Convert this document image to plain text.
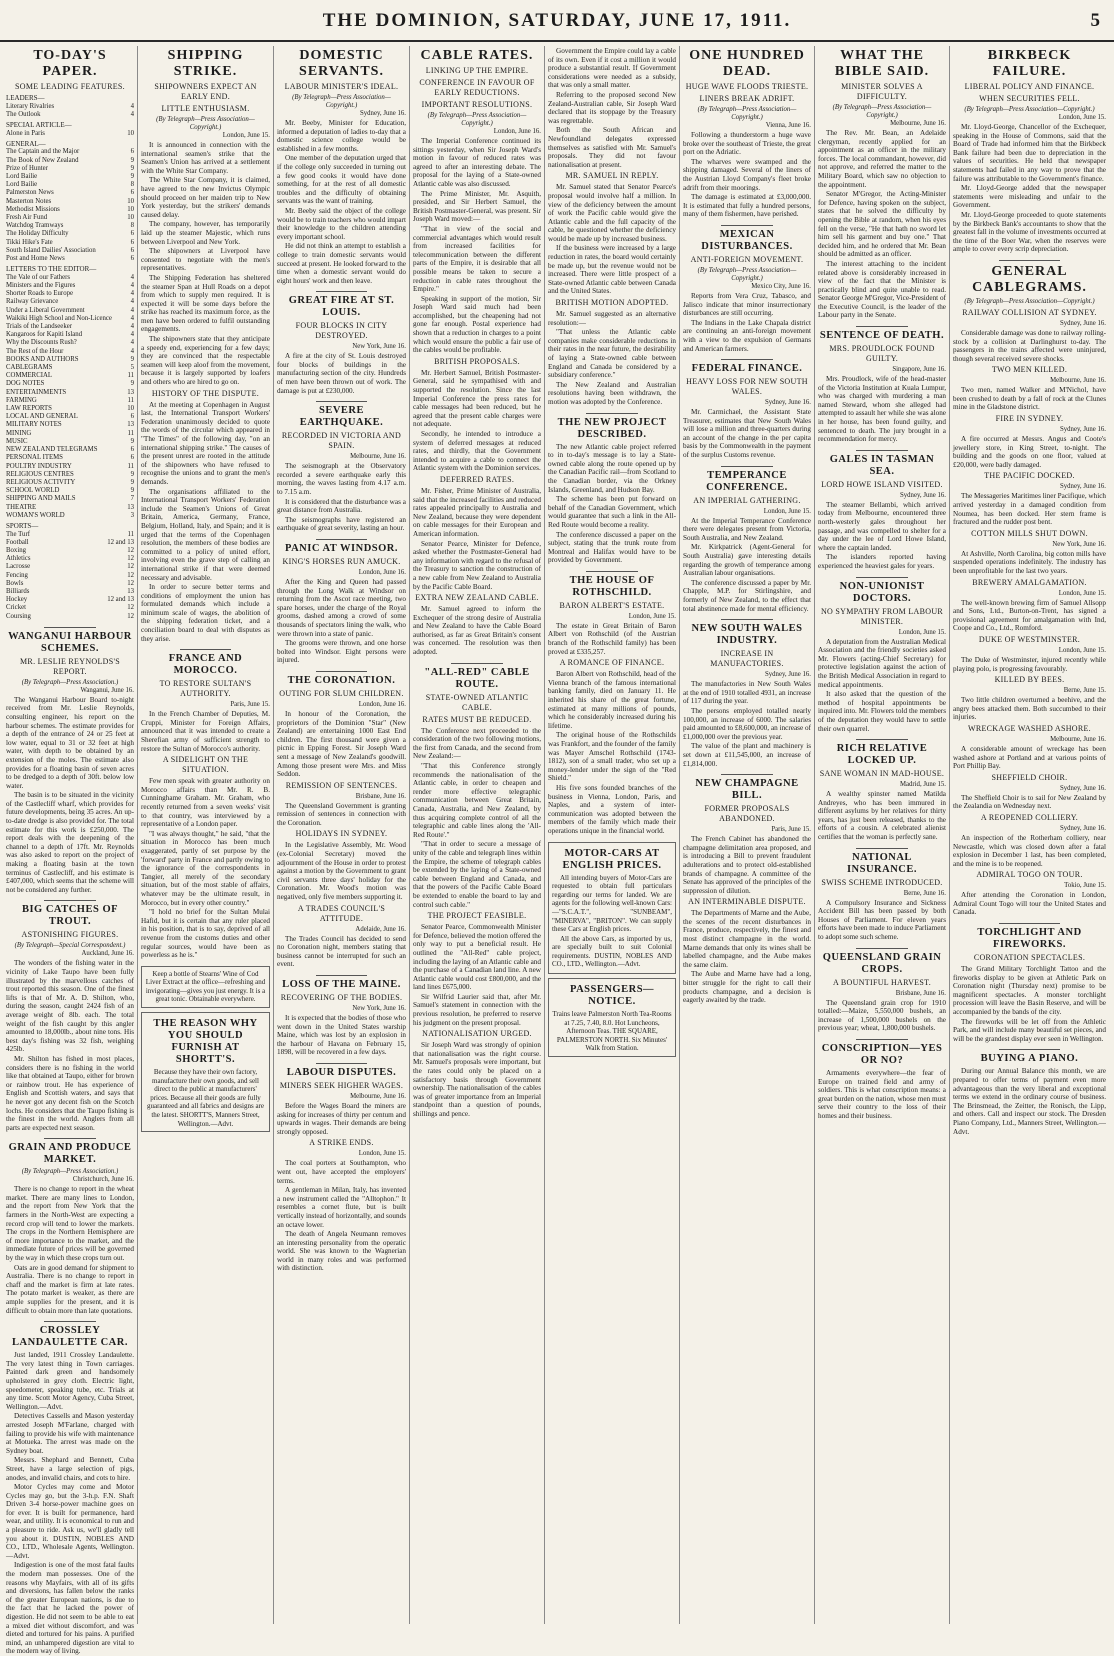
THE DOMINION, SATURDAY, JUNE 17, 1911.	5
TO-DAY'S PAPER.
SOME LEADING FEATURES.
LEADERS—
Literary Rivalries	4
The Outlook	4
SPECIAL ARTICLE—
Alone in Paris	10
GENERAL—
The Captain and the Major	6
The Book of New Zealand	9
Prize of Hunter	9
Lord Bailie	9
Lord Bailie	8
Palmerston News	6
Masterton Notes	10
Methodist Missions	10
Fresh Air Fund	10
Watchdog Tramways	8
The Holiday Difficulty	6
Tikki Hike's Fate	6
South Island Dailies' Association	6
Post and Home News	6
LETTERS TO THE EDITOR—
The Vale of our Fathers	4
Ministers and the Figures	4
Shorter Roads to Europe	4
Railway Grievance	4
Under a Liberal Government	4
Waikiki High School and Non-Licence	4
Trials of the Landseeker	4
Kangaroos for Kapiti Island	4
Why the Discounts Rush?	4
The Rest of the Hour	4
BOOKS AND AUTHORS	9
CABLEGRAMS	5
COMMERCIAL	11
DOG NOTES	9
ENTERTAINMENTS	13
FARMING	11
LAW REPORTS	10
LOCAL AND GENERAL	6
MILITARY NOTES	13
MINING	11
MUSIC	9
NEW ZEALAND TELEGRAMS	6
PERSONAL ITEMS	6
POULTRY INDUSTRY	11
RELIGIOUS CENTRES	9
RELIGIOUS ACTIVITY	9
SCHOOL WORLD	9
SHIPPING AND MAILS	7
THEATRE	13
WOMAN'S WORLD	3
SPORTS—
The Turf	11
Football	12 and 13
Boxing	12
Athletics	12
Lacrosse	12
Fencing	12
Bowls	12
Billiards	13
Hockey	12 and 13
Cricket	12
Coursing	12
WANGANUI HARBOUR SCHEMES.
MR. LESLIE REYNOLDS'S REPORT.
(By Telegraph—Press Association.)
Wanganui, June 16.
The Wanganui Harbour Board to-night received from Mr. Leslie Reynolds, consulting engineer, his report on the harbour schemes. The estimate provides for a depth of the entrance of 24 or 25 feet at low water, equal to 31 or 32 feet at high water, with depth to be obtained by an extension of the moles. The estimate also provides for a floating basin of seven acres to be dredged to a depth of 30ft. below low water.
The basin is to be situated in the vicinity of the Castlecliff wharf, which provides for future developments, being 35 acres. An up-to-date dredge is also provided for. The total estimate for this work is £250,000. The report deals with the deepening of the channel to a depth of 17ft. Mr. Reynolds was also asked to report on the project of making a floating basin at the town terminus of Castlecliff, and his estimate is £407,000, which seems that the scheme will not be considered any further.
BIG CATCHES OF TROUT.
ASTONISHING FIGURES.
(By Telegraph—Special Correspondent.)
Auckland, June 16.
The wonders of the fishing water in the vicinity of Lake Taupo have been fully illustrated by the marvellous catches of trout reported this season. One of the finest lifts is that of Mr. A. D. Shilton, who, during the season, caught 2424 fish of an average weight of 8lb. each. The total weight of the fish caught by this angler amounted to 18,000lb., about nine tons. His best day's fishing was 32 fish, weighing 425lb.
Mr. Shilton has fished in most places, considers there is no fishing in the world like that obtained at Taupo, either for brown or rainbow trout. He has experience of English and Scottish waters, and says that he never got any decent fish on the Scotch lochs. He considers that the Taupo fishing is the finest in the world. Anglers from all parts are expected next season.
GRAIN AND PRODUCE MARKET.
(By Telegraph—Press Association.)
Christchurch, June 16.
There is no change to report in the wheat market. There are many lines to London, and the report from New York that the farmers in the North-West are expecting a record crop will tend to lower the markets. The crops in the Northern Hemisphere are of more importance to the market, and the immediate future of prices will be governed by the way in which these crops turn out.
Oats are in good demand for shipment to Australia. There is no change to report in chaff and the market is firm at late rates. The potato market is weaker, as there are ample supplies for the present, and it is difficult to obtain more than late quotations.
CROSSLEY LANDAULETTE CAR.
Just landed, 1911 Crossley Landaulette. The very latest thing in Town carriages. Painted dark green and handsomely upholstered in grey cloth. Electric light, speedometer, speaking tube, etc. Trials at any time. Scott Motor Agency, Cuba Street, Wellington.—Advt.
Detectives Cassells and Mason yesterday arrested Joseph M'Farlane, charged with failing to provide his wife with maintenance at Motueka. The arrest was made on the Sydney boat.
Messrs. Shephard and Bennett, Cuba Street, have a large selection of pigs, anodes, and invalid chairs, and cots to hire.
Motor Cycles may come and Motor Cycles may go, but the 3-h.p. F.N. Shaft Driven 3-4 horse-power machine goes on for ever. It is built for permanence, hard wear, and utility. It is economical to run and a pleasure to ride. Ask us, we'll gladly tell you about it. DUSTIN, NOBLES AND CO., LTD., Wholesale Agents, Wellington.—Advt.
Indigestion is one of the most fatal faults the modern man possesses. One of the reasons why Mayfairs, with all of its gifts and diversions, has fallen below the ranks of the greater European nations, is due to the fact that he lacked the power of digestion. He did not seem to be able to eat a mixed diet without discomfort, and was dieted and tortured for his pains. A purified mind, an unhampered digestion are vital to the modern way of living.
SHIPPING STRIKE.
SHIPOWNERS EXPECT AN EARLY END.
LITTLE ENTHUSIASM.
(By Telegraph—Press Association—Copyright.)
London, June 15.
It is announced in connection with the international seamen's strike that the Seamen's Union has arrived at a settlement with the White Star Company.
The White Star Company, it is claimed, have agreed to the new Invictus Olympic should proceed on her maiden trip to New York yesterday, but the strikers' demands caused delay.
The company, however, has temporarily laid up the steamer Majestic, which runs between Liverpool and New York.
The shipowners at Liverpool have consented to negotiate with the men's representatives.
The Shipping Federation has sheltered the steamer Span at Hull Roads on a depot from which to supply men required. It is expected it will be some days before the strike has reached its maximum force, as the men have been ordered to fulfil outstanding engagements.
The shipowners state that they anticipate a speedy end, experiencing for a few days; they are convinced that the respectable seamen will keep aloof from the movement, because it is largely supported by loafers and others who are hired to go on.
HISTORY OF THE DISPUTE.
At the meeting at Copenhagen in August last, the International Transport Workers' Federation unanimously decided to quote the words of the circular which appeared in "The Times" of the following day, "on an international shipping strike." The causes of the present unrest are rooted in the attitude of the shipowners who have refused to recognise the unions and to grant the men's demands.
The organisations affiliated to the International Transport Workers' Federation include the Seamen's Unions of Great Britain, America, Germany, France, Belgium, Holland, Italy, and Spain; and it is urged that the terms of the Copenhagen resolution, the members of these bodies are committed to a policy of united effort, involving even the grave step of calling an international strike if that were deemed necessary and advisable.
In order to secure better terms and conditions of employment the union has formulated demands which include a minimum scale of wages, the abolition of the shipping federation ticket, and a conciliation board to deal with disputes as they arise.
FRANCE AND MOROCCO.
TO RESTORE SULTAN'S AUTHORITY.
Paris, June 15.
In the French Chamber of Deputies, M. Cruppi, Minister for Foreign Affairs, announced that it was intended to create a Sherefian army of sufficient strength to restore the Sultan of Morocco's authority.
A SIDELIGHT ON THE SITUATION.
Few men speak with greater authority on Morocco affairs than Mr. R. B. Cunninghame Graham. Mr. Graham, who recently returned from a seven weeks' visit to that country, was interviewed by a representative of a London paper.
"I was always thought," he said, "that the situation in Morocco has been much exaggerated, partly of set purpose by the 'forward' party in France and partly owing to the ignorance of the correspondents in Tangier, all merely of the secondary situation, but of the most stable of affairs, whatever may be the ultimate result, in Morocco, but in every other country."
"I hold no brief for the Sultan Mulai Hafid, but it is certain that any ruler placed in his position, that is to say, deprived of all revenue from the customs duties and other regular sources, would have been as powerless as he is."
Keep a bottle of Stearns' Wine of Cod Liver Extract at the office—refreshing and invigorating—gives you just energy. It is a great tonic. Obtainable everywhere.
THE REASON WHY YOU SHOULD FURNISH AT SHORTT'S.
Because they have their own factory, manufacture their own goods, and sell direct to the public at manufacturers' prices. Because all their goods are fully guaranteed and all fabrics and designs are the latest. SHORTT'S, Manners Street, Wellington.—Advt.
DOMESTIC SERVANTS.
LABOUR MINISTER'S IDEAL.
(By Telegraph—Press Association—Copyright.)
Sydney, June 16.
Mr. Beeby, Minister for Education, informed a deputation of ladies to-day that a domestic science college would be established in a few months.
One member of the deputation urged that if the college only succeeded in turning out a few good cooks it would have done something, for at the rest of all domestic troubles and the difficulty of obtaining servants was the want of training.
Mr. Beeby said the object of the college would be to train teachers who would impart their knowledge to the children attending every important school.
He did not think an attempt to establish a college to train domestic servants would succeed at present. He looked forward to the time when a domestic servant would do eight hours' work and then leave.
GREAT FIRE AT ST. LOUIS.
FOUR BLOCKS IN CITY DESTROYED.
New York, June 16.
A fire at the city of St. Louis destroyed four blocks of buildings in the manufacturing section of the city. Hundreds of men have been thrown out of work. The damage is put at £230,000.
SEVERE EARTHQUAKE.
RECORDED IN VICTORIA AND SPAIN.
Melbourne, June 16.
The seismograph at the Observatory recorded a severe earthquake early this morning, the waves lasting from 4.17 a.m. to 7.15 a.m.
It is considered that the disturbance was a great distance from Australia.
The seismographs have registered an earthquake of great severity, lasting an hour.
PANIC AT WINDSOR.
KING'S HORSES RUN AMUCK.
London, June 16.
After the King and Queen had passed through the Long Walk at Windsor on returning from the Ascot race meeting, two spare horses, under the charge of the Royal grooms, dashed among a crowd of some thousands of spectators lining the walk, who were thrown into a state of panic.
The grooms were thrown, and one horse bolted into Windsor. Eight persons were injured.
THE CORONATION.
OUTING FOR SLUM CHILDREN.
London, June 16.
In honour of the Coronation, the proprietors of the Dominion "Star" (New Zealand) are entertaining 1000 East End children. The first thousand were given a picnic in Epping Forest. Sir Joseph Ward sent a message of New Zealand's goodwill. Among those present were Mrs. and Miss Seddon.
REMISSION OF SENTENCES.
Brisbane, June 16.
The Queensland Government is granting remission of sentences in connection with the Coronation.
HOLIDAYS IN SYDNEY.
In the Legislative Assembly, Mr. Wood (ex-Colonial Secretary) moved the adjournment of the House in order to protest against a motion by the Government to grant civil servants three days' holiday for the Coronation. Mr. Wood's motion was negatived, only five members supporting it.
A TRADES COUNCIL'S ATTITUDE.
Adelaide, June 16.
The Trades Council has decided to send no Coronation night, members stating that business cannot be interrupted for such an event.
LOSS OF THE MAINE.
RECOVERING OF THE BODIES.
New York, June 16.
It is expected that the bodies of those who went down in the United States warship Maine, which was lost by an explosion in the harbour of Havana on February 15, 1898, will be recovered in a few days.
LABOUR DISPUTES.
MINERS SEEK HIGHER WAGES.
Melbourne, June 16.
Before the Wages Board the miners are asking for increases of thirty per centum and upwards in wages. Their demands are being strongly opposed.
A STRIKE ENDS.
London, June 15.
The coal porters at Southampton, who went out, have accepted the employers' terms.
A gentleman in Milan, Italy, has invented a new instrument called the "Alltophon." It resembles a cornet flute, but is built vertically instead of horizontally, and sounds an octave lower.
The death of Angela Neumann removes an interesting personality from the operatic world. She was known to the Wagnerian world in many roles and was performed with distinction.
CABLE RATES.
LINKING UP THE EMPIRE.
CONFERENCE IN FAVOUR OF EARLY REDUCTIONS.
IMPORTANT RESOLUTIONS.
(By Telegraph—Press Association—Copyright.)
London, June 16.
The Imperial Conference continued its sittings yesterday, when Sir Joseph Ward's motion in favour of reduced rates was agreed to after an interesting debate. The proposal for the laying of a State-owned Atlantic cable was also discussed.
The Prime Minister, Mr. Asquith, presided, and Sir Herbert Samuel, the British Postmaster-General, was present. Sir Joseph Ward moved:—
"That in view of the social and commercial advantages which would result from increased facilities for telecommunication between the different parts of the Empire, it is desirable that all possible means be taken to secure a reduction in cable rates throughout the Empire."
Speaking in support of the motion, Sir Joseph Ward said much had been accomplished, but the cheapening had not gone far enough. Postal experience had shown that a reduction in charges to a point which would ensure the public a fair use of the cables would be profitable.
BRITISH PROPOSALS.
Mr. Herbert Samuel, British Postmaster-General, said he sympathised with and supported the resolution. Since the last Imperial Conference the press rates for cable messages had been reduced, but he agreed that the present cable charges were not adequate.
Secondly, he intended to introduce a system of deferred messages at reduced rates, and thirdly, that the Government intended to acquire a cable to connect the Atlantic system with the Dominion services.
DEFERRED RATES.
Mr. Fisher, Prime Minister of Australia, said that the increased facilities and reduced rates appealed principally to Australia and New Zealand, because they were dependent on cable messages for their European and American information.
Senator Pearce, Minister for Defence, asked whether the Postmaster-General had any information with regard to the refusal of the Treasury to sanction the construction of a new cable from New Zealand to Australia by the Pacific Cable Board.
EXTRA NEW ZEALAND CABLE.
Mr. Samuel agreed to inform the Exchequer of the strong desire of Australia and New Zealand to have the Cable Board authorised, as far as Great Britain's consent was concerned. The resolution was then adopted.
"ALL-RED" CABLE ROUTE.
STATE-OWNED ATLANTIC CABLE.
RATES MUST BE REDUCED.
The Conference next proceeded to the consideration of the two following motions, the first from Canada, and the second from New Zealand:—
"That this Conference strongly recommends the nationalisation of the Atlantic cable, in order to cheapen and render more effective telegraphic communication between Great Britain, Canada, Australia, and New Zealand, by thus acquiring complete control of all the telegraphic and cable lines along the 'All-Red Route'."
"That in order to secure a message of unity of the cable and telegraph lines within the Empire, the scheme of telegraph cables be extended by the laying of a State-owned cable between England and Canada, and that the powers of the Pacific Cable Board be extended to enable the board to lay and control such cable."
THE PROJECT FEASIBLE.
Senator Pearce, Commonwealth Minister for Defence, believed the motion offered the only way to put a beneficial result. He outlined the "All-Red" cable project, including the laying of an Atlantic cable and the purchase of a Canadian land line. A new Atlantic cable would cost £800,000, and the land lines £675,000.
Sir Wilfrid Laurier said that, after Mr. Samuel's statement in connection with the previous resolution, he preferred to reserve his judgment on the present proposal.
NATIONALISATION URGED.
Sir Joseph Ward was strongly of opinion that nationalisation was the right course. Mr. Samuel's proposals were important, but the rates could only be placed on a satisfactory basis through Government ownership. The nationalisation of the cables was of greater importance from an Imperial standpoint than a question of pounds, shillings and pence.
Government the Empire could lay a cable of its own. Even if it cost a million it would produce a substantial result. If Government considerations were needed as a subsidy, that was only a small matter.
Referring to the proposed second New Zealand-Australian cable, Sir Joseph Ward declared that its stoppage by the Treasury was regrettable.
Both the South African and Newfoundland delegates expressed themselves as satisfied with Mr. Samuel's proposals. They did not favour nationalisation at present.
MR. SAMUEL IN REPLY.
Mr. Samuel stated that Senator Pearce's proposal would involve half a million. In view of the deficiency between the amount of work the Pacific cable would give the Atlantic cable and the full capacity of the cable, he questioned whether the deficiency would be made up by increased business.
If the business were increased by a large reduction in rates, the board would certainly be made up, but the revenue would not be increased. There were little prospect of a State-owned Atlantic cable between Canada and the United States.
BRITISH MOTION ADOPTED.
Mr. Samuel suggested as an alternative resolution:—
"That unless the Atlantic cable companies make considerable reductions in their rates in the near future, the desirability of laying a State-owned cable between England and Canada be considered by a subsidiary conference."
The New Zealand and Australian resolutions having been withdrawn, the motion was adopted by the Conference.
THE NEW PROJECT DESCRIBED.
The new Atlantic cable project referred to in to-day's message is to lay a State-owned cable along the route opened up by the Canadian Pacific rail—from Scotland to the Canadian border, via the Orkney Islands, Greenland, and Hudson Bay.
The scheme has been put forward on behalf of the Canadian Government, which would guarantee that such a link in the All-Red Route would become a reality.
The conference discussed a paper on the subject, stating that the trunk route from Montreal and Halifax would have to be provided by Government.
THE HOUSE OF ROTHSCHILD.
BARON ALBERT'S ESTATE.
London, June 15.
The estate in Great Britain of Baron Albert von Rothschild (of the Austrian branch of the Rothschild family) has been proved at £335,257.
A ROMANCE OF FINANCE.
Baron Albert von Rothschild, head of the Vienna branch of the famous international banking family, died on January 11. He inherited his share of the great fortune, estimated at many millions of pounds, which he considerably increased during his lifetime.
The original house of the Rothschilds was Frankfort, and the founder of the family was Mayer Amschel Rothschild (1743-1812), son of a small trader, who set up a money-lender under the sign of the "Red Shield."
His five sons founded branches of the business in Vienna, London, Paris, and Naples, and a system of inter-communication was adopted between the members of the family which made their operations unique in the financial world.
MOTOR-CARS AT ENGLISH PRICES.
All intending buyers of Motor-Cars are requested to obtain full particulars regarding our terms for landed. We are agents for the following well-known Cars:—"S.C.A.T.", "SUNBEAM", "MINERVA", "BRITON". We can supply these Cars at English prices.
All the above Cars, as imported by us, are specially built to suit Colonial requirements. DUSTIN, NOBLES AND CO., LTD., Wellington.—Advt.
PASSENGERS—NOTICE.
Trains leave Palmerston North Tea-Rooms at 7.25, 7.40, 8.0. Hot Luncheons, Afternoon Teas. THE SQUARE, PALMERSTON NORTH. Six Minutes' Walk from Station.
ONE HUNDRED DEAD.
HUGE WAVE FLOODS TRIESTE.
LINERS BREAK ADRIFT.
(By Telegraph—Press Association—Copyright.)
Vienna, June 16.
Following a thunderstorm a huge wave broke over the southeast of Trieste, the great port on the Adriatic.
The wharves were swamped and the shipping damaged. Several of the liners of the Austrian Lloyd Company's fleet broke adrift from their moorings.
The damage is estimated at £3,000,000. It is estimated that fully a hundred persons, many of them fishermen, have perished.
MEXICAN DISTURBANCES.
ANTI-FOREIGN MOVEMENT.
(By Telegraph—Press Association—Copyright.)
Mexico City, June 16.
Reports from Vera Cruz, Tabasco, and Jalisco indicate that minor insurrectionary disturbances are still occurring.
The Indians in the Lake Chapala district are continuing an anti-foreign movement with a view to the expulsion of Germans and American farmers.
FEDERAL FINANCE.
HEAVY LOSS FOR NEW SOUTH WALES.
Sydney, June 16.
Mr. Carmichael, the Assistant State Treasurer, estimates that New South Wales will lose a million and three-quarters during an account of the change in the per capita basis by the Commonwealth in the payment of the surplus Customs revenue.
TEMPERANCE CONFERENCE.
AN IMPERIAL GATHERING.
London, June 15.
At the Imperial Temperance Conference there were delegates present from Victoria, South Australia, and New Zealand.
Mr. Kirkpatrick (Agent-General for South Australia) gave interesting details regarding the growth of temperance among Australian labour organisations.
The conference discussed a paper by Mr. Chapple, M.P. for Stirlingshire, and formerly of New Zealand, to the effect that total abstinence made for mental efficiency.
NEW SOUTH WALES INDUSTRY.
INCREASE IN MANUFACTORIES.
Sydney, June 16.
The manufactories in New South Wales at the end of 1910 totalled 4931, an increase of 117 during the year.
The persons employed totalled nearly 100,000, an increase of 6000. The salaries paid amounted to £8,600,000, an increase of £1,000,000 over the previous year.
The value of the plant and machinery is set down at £11,545,000, an increase of £1,814,000.
NEW CHAMPAGNE BILL.
FORMER PROPOSALS ABANDONED.
Paris, June 15.
The French Cabinet has abandoned the champagne delimitation area proposed, and is introducing a Bill to prevent fraudulent adulterations and to protect old-established brands of champagne. A committee of the Senate has approved of the principles of the suppression of dilution.
AN INTERMINABLE DISPUTE.
The Departments of Marne and the Aube, the scenes of the recent disturbances in France, produce, respectively, the finest and most distinct champagne in the world. Marne demands that only its wines shall be labelled champagne, and the Aube makes the same claim.
The Aube and Marne have had a long, bitter struggle for the right to call their products champagne, and a decision is eagerly awaited by the trade.
WHAT THE BIBLE SAID.
MINISTER SOLVES A DIFFICULTY.
(By Telegraph—Press Association—Copyright.)
Melbourne, June 16.
The Rev. Mr. Bean, an Adelaide clergyman, recently applied for an appointment as an officer in the military forces. The local commandant, however, did not approve, and referred the matter to the Military Board, which saw no objection to the appointment.
Senator M'Gregor, the Acting-Minister for Defence, having spoken on the subject, states that he solved the difficulty by opening the Bible at random, when his eyes fell on the verse, "He that hath no sword let him sell his garment and buy one." That decided him, and he ordered that Mr. Bean should be admitted as an officer.
The interest attaching to the incident related above is considerably increased in view of the fact that the Minister is practically blind and quite unable to read. Senator George M'Gregor, Vice-President of the Executive Council, is the leader of the Labour party in the Senate.
SENTENCE OF DEATH.
MRS. PROUDLOCK FOUND GUILTY.
Singapore, June 16.
Mrs. Proudlock, wife of the head-master of the Victoria Institution at Kuala Lumpur, who was charged with murdering a man named Steward, whom she alleged had attempted to assault her while she was alone in her house, has been found guilty, and sentenced to death. The jury brought in a recommendation for mercy.
GALES IN TASMAN SEA.
LORD HOWE ISLAND VISITED.
Sydney, June 16.
The steamer Bellambi, which arrived today from Melbourne, encountered three north-westerly gales throughout her passage, and was compelled to shelter for a day under the lee of Lord Howe Island, where the captain landed.
The islanders reported having experienced the heaviest gales for years.
NON-UNIONIST DOCTORS.
NO SYMPATHY FROM LABOUR MINISTER.
London, June 15.
A deputation from the Australian Medical Association and the friendly societies asked Mr. Flowers (acting-Chief Secretary) for protective legislation against the action of the British Medical Association in regard to medical appointments.
It also asked that the question of the method of hospital appointments be inquired into. Mr. Flowers told the members of the deputation they would have to settle their own quarrel.
RICH RELATIVE LOCKED UP.
SANE WOMAN IN MAD-HOUSE.
Madrid, June 15.
A wealthy spinster named Matilda Andreyes, who has been immured in different asylums by her relatives for thirty years, has just been released, thanks to the efforts of a cousin. A celebrated alienist certifies that the woman is perfectly sane.
NATIONAL INSURANCE.
SWISS SCHEME INTRODUCED.
Berne, June 16.
A Compulsory Insurance and Sickness Accident Bill has been passed by both Houses of Parliament. For eleven years efforts have been made to induce Parliament to adopt some such scheme.
QUEENSLAND GRAIN CROPS.
A BOUNTIFUL HARVEST.
Brisbane, June 16.
The Queensland grain crop for 1910 totalled:—Maize, 5,550,000 bushels, an increase of 1,500,000 bushels on the previous year; wheat, 1,800,000 bushels.
CONSCRIPTION—YES OR NO?
Armaments everywhere—the fear of Europe on trained field and army of soldiers. This is what conscription means: a great burden on the nation, whose men must serve their country to the loss of their homes and their business.
BIRKBECK FAILURE.
LIBERAL POLICY AND FINANCE.
WHEN SECURITIES FELL.
(By Telegraph—Press Association—Copyright.)
London, June 15.
Mr. Lloyd-George, Chancellor of the Exchequer, speaking in the House of Commons, said that the Board of Trade had informed him that the Birkbeck Bank failure had been due to depreciation in the values of securities. He held that newspaper statements had failed in any way to prove that the failure was attributable to the Government's finance.
Mr. Lloyd-George added that the newspaper statements were misleading and unfair to the Government.
Mr. Lloyd-George proceeded to quote statements by the Birkbeck Bank's accountants to show that the greatest fall in the volume of investments occurred at the time of the Boer War, when the reserves were ample to cover every scrip depreciation.
GENERAL CABLEGRAMS.
(By Telegraph—Press Association—Copyright.)
RAILWAY COLLISION AT SYDNEY.
Sydney, June 16.
Considerable damage was done to railway rolling-stock by a collision at Darlinghurst to-day. The passengers in the trains affected were uninjured, though several received severe shocks.
TWO MEN KILLED.
Melbourne, June 16.
Two men, named Walker and M'Nichol, have been crushed to death by a fall of rock at the Clunes mine in the Gladstone district.
FIRE IN SYDNEY.
Sydney, June 16.
A fire occurred at Messrs. Angus and Coote's jewellery store, in King Street, to-night. The building and the goods on one floor, valued at £20,000, were badly damaged.
THE PACIFIC DOCKED.
Sydney, June 16.
The Messageries Maritimes liner Pacifique, which arrived yesterday in a damaged condition from Noumea, has been docked. Her stern frame is fractured and the rudder post bent.
COTTON MILLS SHUT DOWN.
New York, June 16.
At Ashville, North Carolina, big cotton mills have suspended operations indefinitely. The industry has been unprofitable for the last two years.
BREWERY AMALGAMATION.
London, June 15.
The well-known brewing firm of Samuel Allsopp and Sons, Ltd., Burton-on-Trent, has signed a provisional agreement for amalgamation with Ind, Coope and Co., Ltd., Romford.
DUKE OF WESTMINSTER.
London, June 15.
The Duke of Westminster, injured recently while playing polo, is progressing favourably.
KILLED BY BEES.
Berne, June 15.
Two little children overturned a beehive, and the angry bees attacked them. Both succumbed to their injuries.
WRECKAGE WASHED ASHORE.
Melbourne, June 16.
A considerable amount of wreckage has been washed ashore at Portland and at various points of Port Phillip Bay.
SHEFFIELD CHOIR.
Sydney, June 16.
The Sheffield Choir is to sail for New Zealand by the Zealandia on Wednesday next.
A REOPENED COLLIERY.
Sydney, June 16.
An inspection of the Rotherham colliery, near Newcastle, which was closed down after a fatal explosion in December 1 last, has been completed, and the mine is to be reopened.
ADMIRAL TOGO ON TOUR.
Tokio, June 15.
After attending the Coronation in London, Admiral Count Togo will tour the United States and Canada.
TORCHLIGHT AND FIREWORKS.
CORONATION SPECTACLES.
The Grand Military Torchlight Tattoo and the fireworks display to be given at Athletic Park on Coronation night (Thursday next) promise to be magnificent spectacles. A monster torchlight procession will leave the Basin Reserve, and will be accompanied by the bands of the city.
The fireworks will be let off from the Athletic Park, and will include many beautiful set pieces, and will be the grandest display ever seen in Wellington.
BUYING A PIANO.
During our Annual Balance this month, we are prepared to offer terms of payment even more advantageous than the very liberal and exceptional terms we extend in the ordinary course of business. The Brinsmead, the Zeitter, the Ronisch, the Lipp, and others. Call and inspect our stock. The Dresden Piano Company, Ltd., Manners Street, Wellington.—Advt.
